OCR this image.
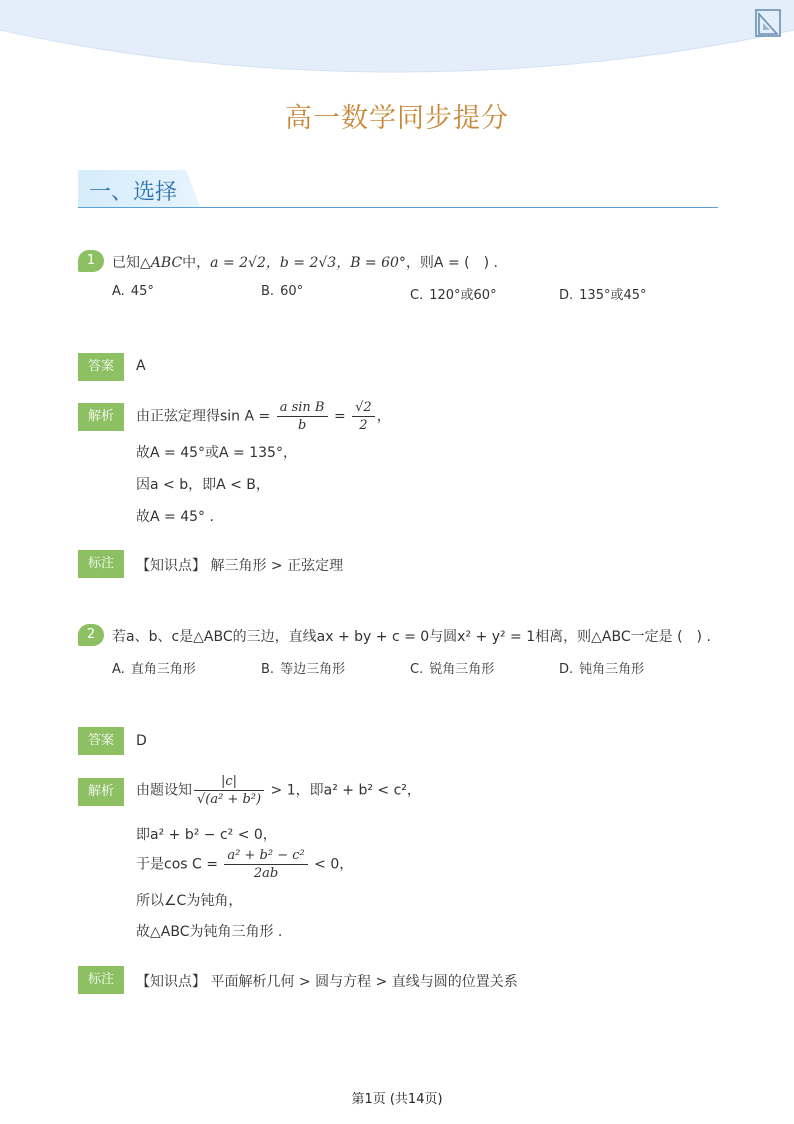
高一数学同步提分
一、选择
1	已知△ABC中，a = 2√2，b = 2√3，B = 60°，则A = (　) .
A. 45°	B. 60°	C. 120°或60°	D. 135°或45°
答案	A
解析	由正弦定理得$\sin A = \frac{\text{a sin B}}{b} = \frac{√2}{2}$ ，
故A = 45°或A = 135°，
因a < b，即A < B，
故A = 45° .
标注	【知识点】 解三角形 > 正弦定理
2	若a、b、c是△ABC的三边，直线ax + by + c = 0与圆x² + y² = 1相离，则△ABC一定是 (　) .
A. 直角三角形	B. 等边三角形	C. 锐角三角形	D. 钝角三角形
答案	D
解析	由题设知 $\frac{|c|}{\text{√(a² + b²)}} > 1$，即a² + b² < c²，
即a² + b² − c² < 0，
于是$\cos C = \frac{\text{a² + b² − c²}}{2ab} < 0$，
所以∠C为钝角，
故△ABC为钝角三角形 .
标注	【知识点】 平面解析几何 > 圆与方程 > 直线与圆的位置关系
第1页 (共14页)
